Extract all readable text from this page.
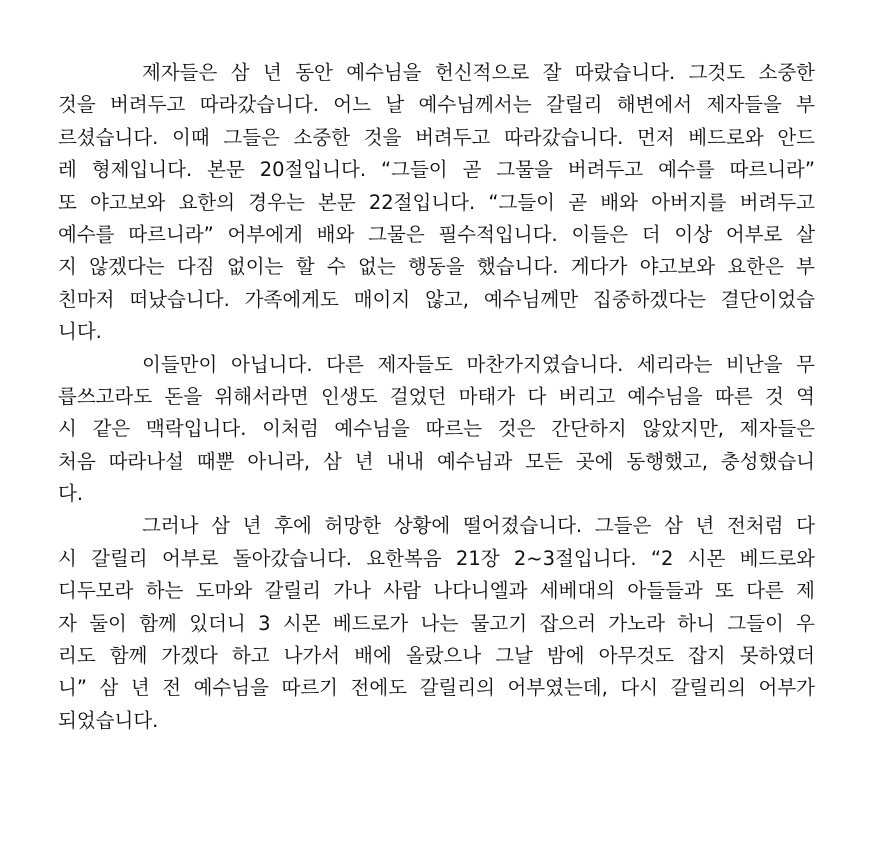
제자들은 삼 년 동안 예수님을 헌신적으로 잘 따랐습니다. 그것도 소중한
것을 버려두고 따라갔습니다. 어느 날 예수님께서는 갈릴리 해변에서 제자들을 부
르셨습니다. 이때 그들은 소중한 것을 버려두고 따라갔습니다. 먼저 베드로와 안드
레 형제입니다. 본문 20절입니다. “그들이 곧 그물을 버려두고 예수를 따르니라”
또 야고보와 요한의 경우는 본문 22절입니다. “그들이 곧 배와 아버지를 버려두고
예수를 따르니라” 어부에게 배와 그물은 필수적입니다. 이들은 더 이상 어부로 살
지 않겠다는 다짐 없이는 할 수 없는 행동을 했습니다. 게다가 야고보와 요한은 부
친마저 떠났습니다. 가족에게도 매이지 않고, 예수님께만 집중하겠다는 결단이었습
니다.
이들만이 아닙니다. 다른 제자들도 마찬가지였습니다. 세리라는 비난을 무
릅쓰고라도 돈을 위해서라면 인생도 걸었던 마태가 다 버리고 예수님을 따른 것 역
시 같은 맥락입니다. 이처럼 예수님을 따르는 것은 간단하지 않았지만, 제자들은
처음 따라나설 때뿐 아니라, 삼 년 내내 예수님과 모든 곳에 동행했고, 충성했습니
다.
그러나 삼 년 후에 허망한 상황에 떨어졌습니다. 그들은 삼 년 전처럼 다
시 갈릴리 어부로 돌아갔습니다. 요한복음 21장 2~3절입니다. “2 시몬 베드로와
디두모라 하는 도마와 갈릴리 가나 사람 나다니엘과 세베대의 아들들과 또 다른 제
자 둘이 함께 있더니 3 시몬 베드로가 나는 물고기 잡으러 가노라 하니 그들이 우
리도 함께 가겠다 하고 나가서 배에 올랐으나 그날 밤에 아무것도 잡지 못하였더
니” 삼 년 전 예수님을 따르기 전에도 갈릴리의 어부였는데, 다시 갈릴리의 어부가
되었습니다.
